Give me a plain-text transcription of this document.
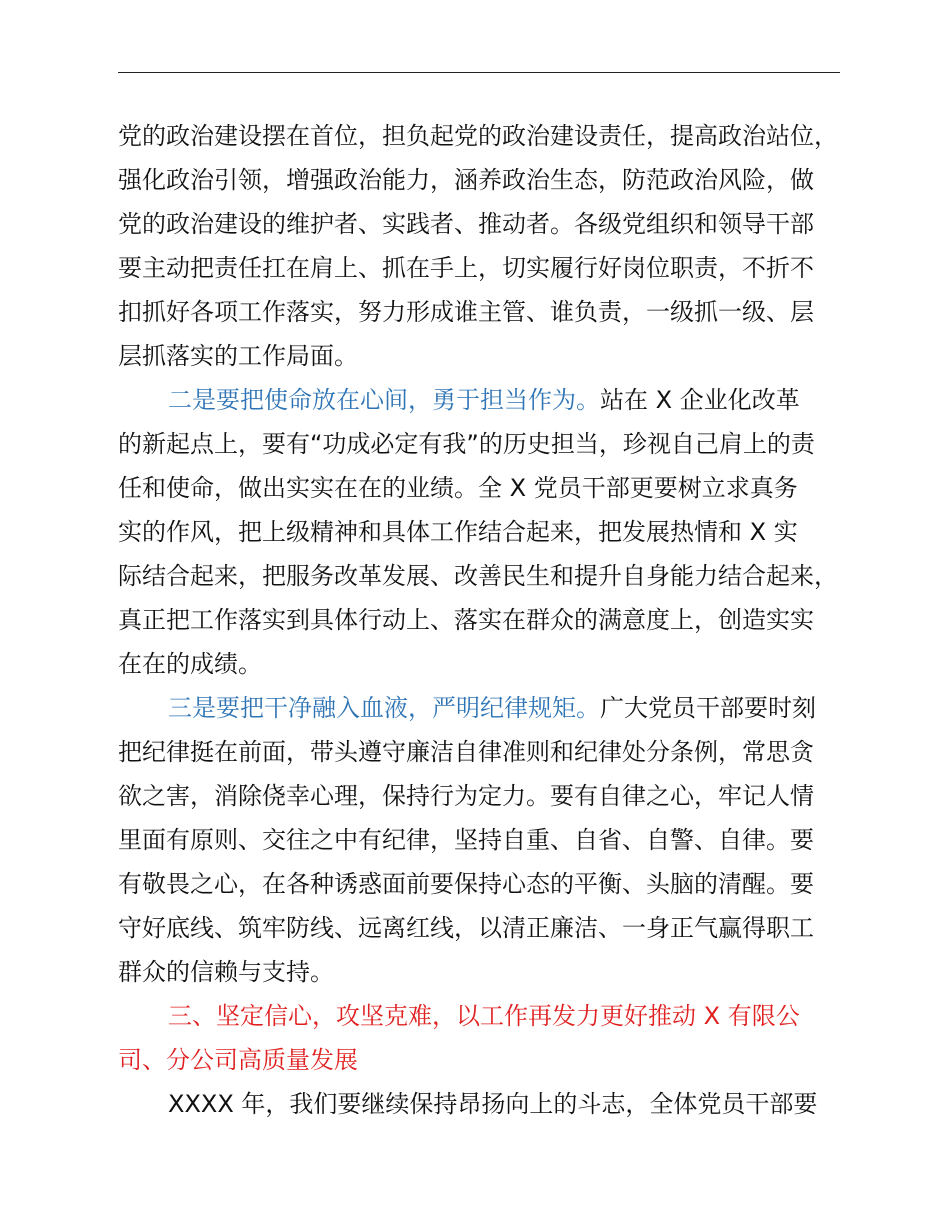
党的政治建设摆在首位，担负起党的政治建设责任，提高政治站位，
强化政治引领，增强政治能力，涵养政治生态，防范政治风险，做
党的政治建设的维护者、实践者、推动者。各级党组织和领导干部
要主动把责任扛在肩上、抓在手上，切实履行好岗位职责，不折不
扣抓好各项工作落实，努力形成谁主管、谁负责，一级抓一级、层
层抓落实的工作局面。
二是要把使命放在心间，勇于担当作为。站在 X 企业化改革
的新起点上，要有“功成必定有我”的历史担当，珍视自己肩上的责
任和使命，做出实实在在的业绩。全 X 党员干部更要树立求真务
实的作风，把上级精神和具体工作结合起来，把发展热情和 X 实
际结合起来，把服务改革发展、改善民生和提升自身能力结合起来，
真正把工作落实到具体行动上、落实在群众的满意度上，创造实实
在在的成绩。
三是要把干净融入血液，严明纪律规矩。广大党员干部要时刻
把纪律挺在前面，带头遵守廉洁自律准则和纪律处分条例，常思贪
欲之害，消除侥幸心理，保持行为定力。要有自律之心，牢记人情
里面有原则、交往之中有纪律，坚持自重、自省、自警、自律。要
有敬畏之心，在各种诱惑面前要保持心态的平衡、头脑的清醒。要
守好底线、筑牢防线、远离红线，以清正廉洁、一身正气赢得职工
群众的信赖与支持。
三、坚定信心，攻坚克难，以工作再发力更好推动 X 有限公
司、分公司高质量发展
XXXX 年，我们要继续保持昂扬向上的斗志，全体党员干部要
